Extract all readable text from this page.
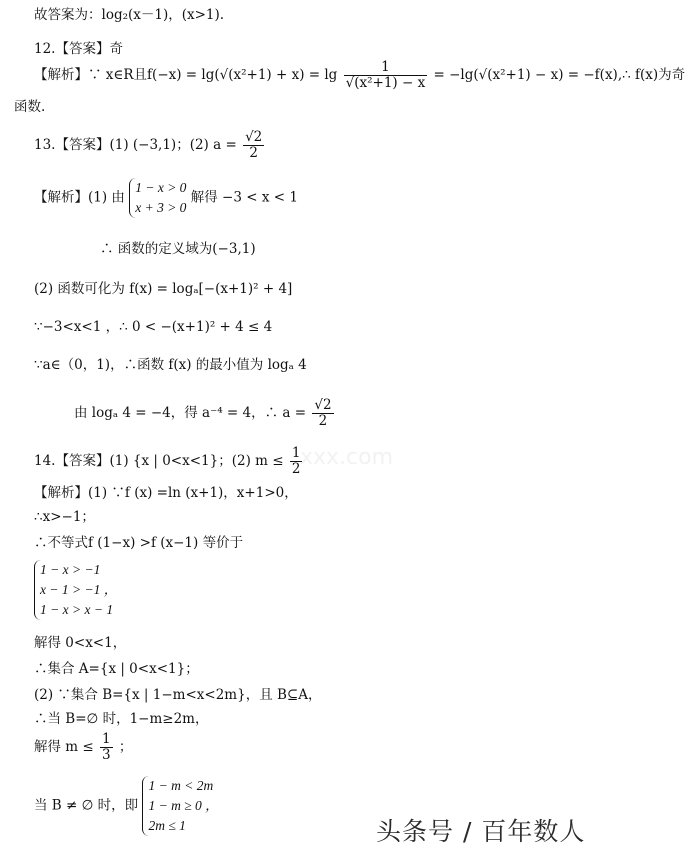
故答案为：log₂(x－1)，(x>1).
12.【答案】奇
【解析】∵ x∈R且$f(-x) = \lg(√(x^2+1) + x) = \lg \frac{1}{\text{√(x²+1) − x}} = -\lg(√(x^2+1) - x)$ = −f(x),∴ f(x)为奇
函数.
13.【答案】(1) (−3,1)；(2) $a = \frac{√2}{2}$
【解析】(1) 由
1 − x > 0
x + 3 > 0
解得 −3 < x < 1
∴ 函数的定义域为(−3,1)
(2) 函数可化为 f(x) = logₐ[−(x+1)² + 4]
∵−3<x<1 ，∴ 0 < −(x+1)² + 4 ≤ 4
∵a∈（0，1)，∴函数 f(x) 的最小值为 logₐ 4
由 logₐ 4 = −4，得 a⁻⁴ = 4，∴ $a = \frac{√2}{2}$
14.【答案】(1) {x | 0<x<1}；(2) $m \le \frac{1}{2}$
【解析】(1) ∵f (x) =ln (x+1)，x+1>0，
∴x>−1；
∴不等式f (1−x) >f (x−1) 等价于
1 − x > −1
x − 1 > −1 ，
1 − x > x − 1
解得 0<x<1，
∴集合 A={x | 0<x<1}；
(2) ∵集合 B={x | 1−m<x<2m}，且 B⊆A，
∴当 B=∅ 时，1−m≥2m，
解得 $m \le \frac{1}{3}$ ；
当 B ≠ ∅ 时，即
1 − m < 2m
1 − m ≥ 0 ，
2m ≤ 1
xxx.com
头条号 / 百年数人
